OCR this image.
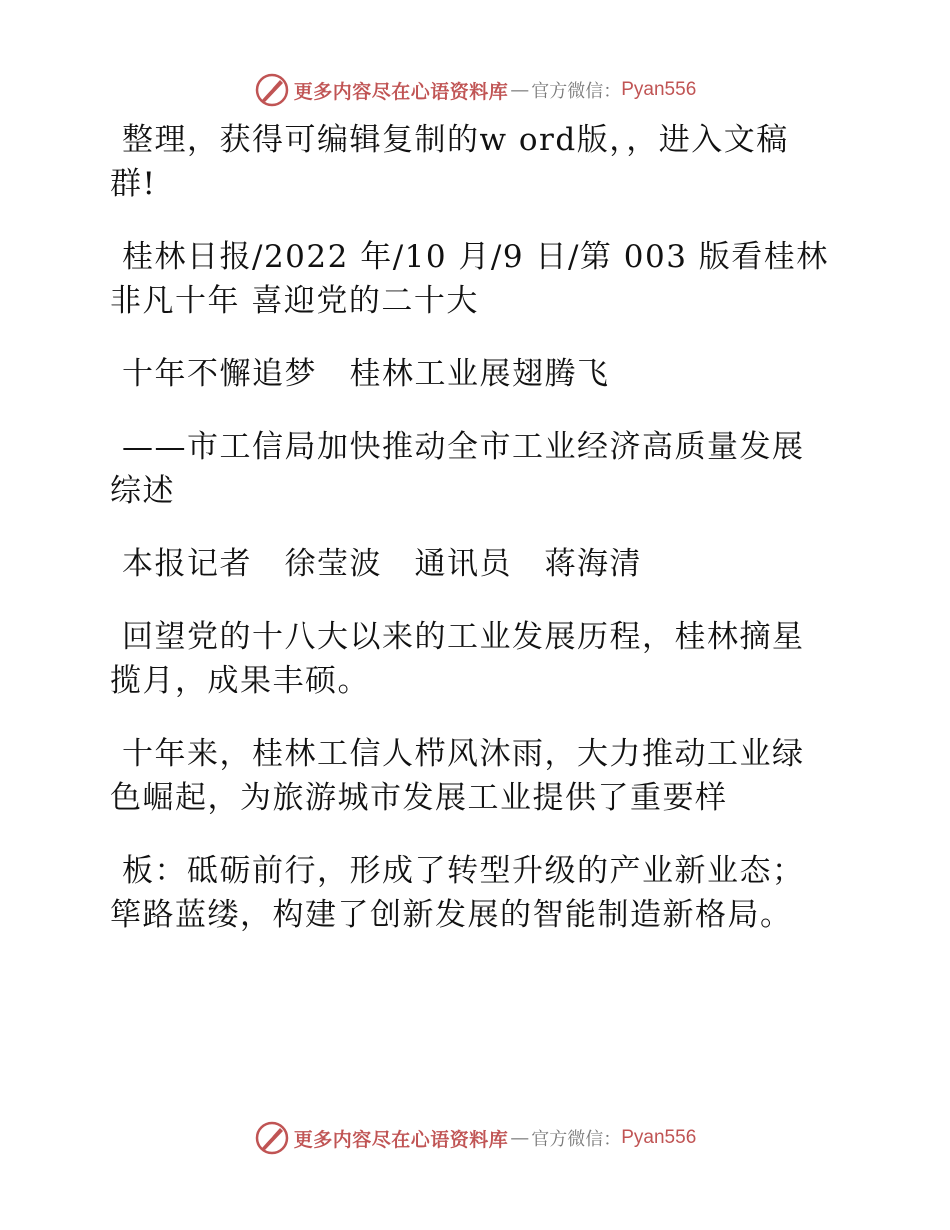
更多内容尽在心语资料库 — 官方微信： Pyan556

整理，获得可编辑复制的w ord版，，进入文稿
群!

桂林日报/2022 年/10 月/9 日/第 003 版看桂林
非凡十年 喜迎党的二十大

十年不懈追梦　桂林工业展翅腾飞

——市工信局加快推动全市工业经济高质量发展
综述

本报记者　徐莹波　通讯员　蒋海清

回望党的十八大以来的工业发展历程，桂林摘星
揽月，成果丰硕。

十年来，桂林工信人栉风沐雨，大力推动工业绿
色崛起，为旅游城市发展工业提供了重要样

板：砥砺前行，形成了转型升级的产业新业态；
筚路蓝缕，构建了创新发展的智能制造新格局。

更多内容尽在心语资料库 — 官方微信： Pyan556
